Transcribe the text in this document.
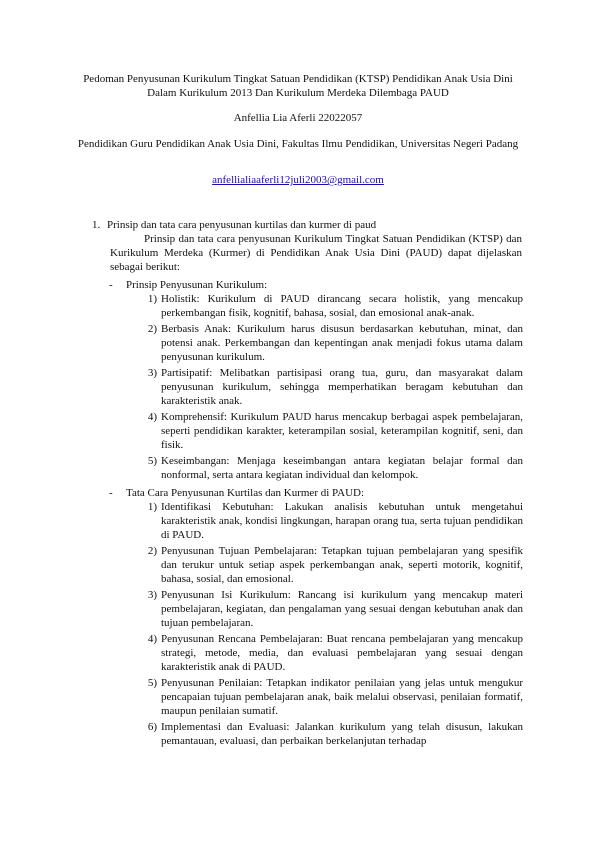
Pedoman Penyusunan Kurikulum Tingkat Satuan Pendidikan (KTSP) Pendidikan Anak Usia Dini Dalam Kurikulum 2013 Dan Kurikulum Merdeka Dilembaga PAUD
Anfellia Lia Aferli 22022057
Pendidikan Guru Pendidikan Anak Usia Dini, Fakultas Ilmu Pendidikan, Universitas Negeri Padang
anfellialiaaferli12juli2003@gmail.com
1. Prinsip dan tata cara penyusunan kurtilas dan kurmer di paud
Prinsip dan tata cara penyusunan Kurikulum Tingkat Satuan Pendidikan (KTSP) dan Kurikulum Merdeka (Kurmer) di Pendidikan Anak Usia Dini (PAUD) dapat dijelaskan sebagai berikut:
- Prinsip Penyusunan Kurikulum:
1) Holistik: Kurikulum di PAUD dirancang secara holistik, yang mencakup perkembangan fisik, kognitif, bahasa, sosial, dan emosional anak-anak.
2) Berbasis Anak: Kurikulum harus disusun berdasarkan kebutuhan, minat, dan potensi anak. Perkembangan dan kepentingan anak menjadi fokus utama dalam penyusunan kurikulum.
3) Partisipatif: Melibatkan partisipasi orang tua, guru, dan masyarakat dalam penyusunan kurikulum, sehingga memperhatikan beragam kebutuhan dan karakteristik anak.
4) Komprehensif: Kurikulum PAUD harus mencakup berbagai aspek pembelajaran, seperti pendidikan karakter, keterampilan sosial, keterampilan kognitif, seni, dan fisik.
5) Keseimbangan: Menjaga keseimbangan antara kegiatan belajar formal dan nonformal, serta antara kegiatan individual dan kelompok.
- Tata Cara Penyusunan Kurtilas dan Kurmer di PAUD:
1) Identifikasi Kebutuhan: Lakukan analisis kebutuhan untuk mengetahui karakteristik anak, kondisi lingkungan, harapan orang tua, serta tujuan pendidikan di PAUD.
2) Penyusunan Tujuan Pembelajaran: Tetapkan tujuan pembelajaran yang spesifik dan terukur untuk setiap aspek perkembangan anak, seperti motorik, kognitif, bahasa, sosial, dan emosional.
3) Penyusunan Isi Kurikulum: Rancang isi kurikulum yang mencakup materi pembelajaran, kegiatan, dan pengalaman yang sesuai dengan kebutuhan anak dan tujuan pembelajaran.
4) Penyusunan Rencana Pembelajaran: Buat rencana pembelajaran yang mencakup strategi, metode, media, dan evaluasi pembelajaran yang sesuai dengan karakteristik anak di PAUD.
5) Penyusunan Penilaian: Tetapkan indikator penilaian yang jelas untuk mengukur pencapaian tujuan pembelajaran anak, baik melalui observasi, penilaian formatif, maupun penilaian sumatif.
6) Implementasi dan Evaluasi: Jalankan kurikulum yang telah disusun, lakukan pemantauan, evaluasi, dan perbaikan berkelanjutan terhadap
